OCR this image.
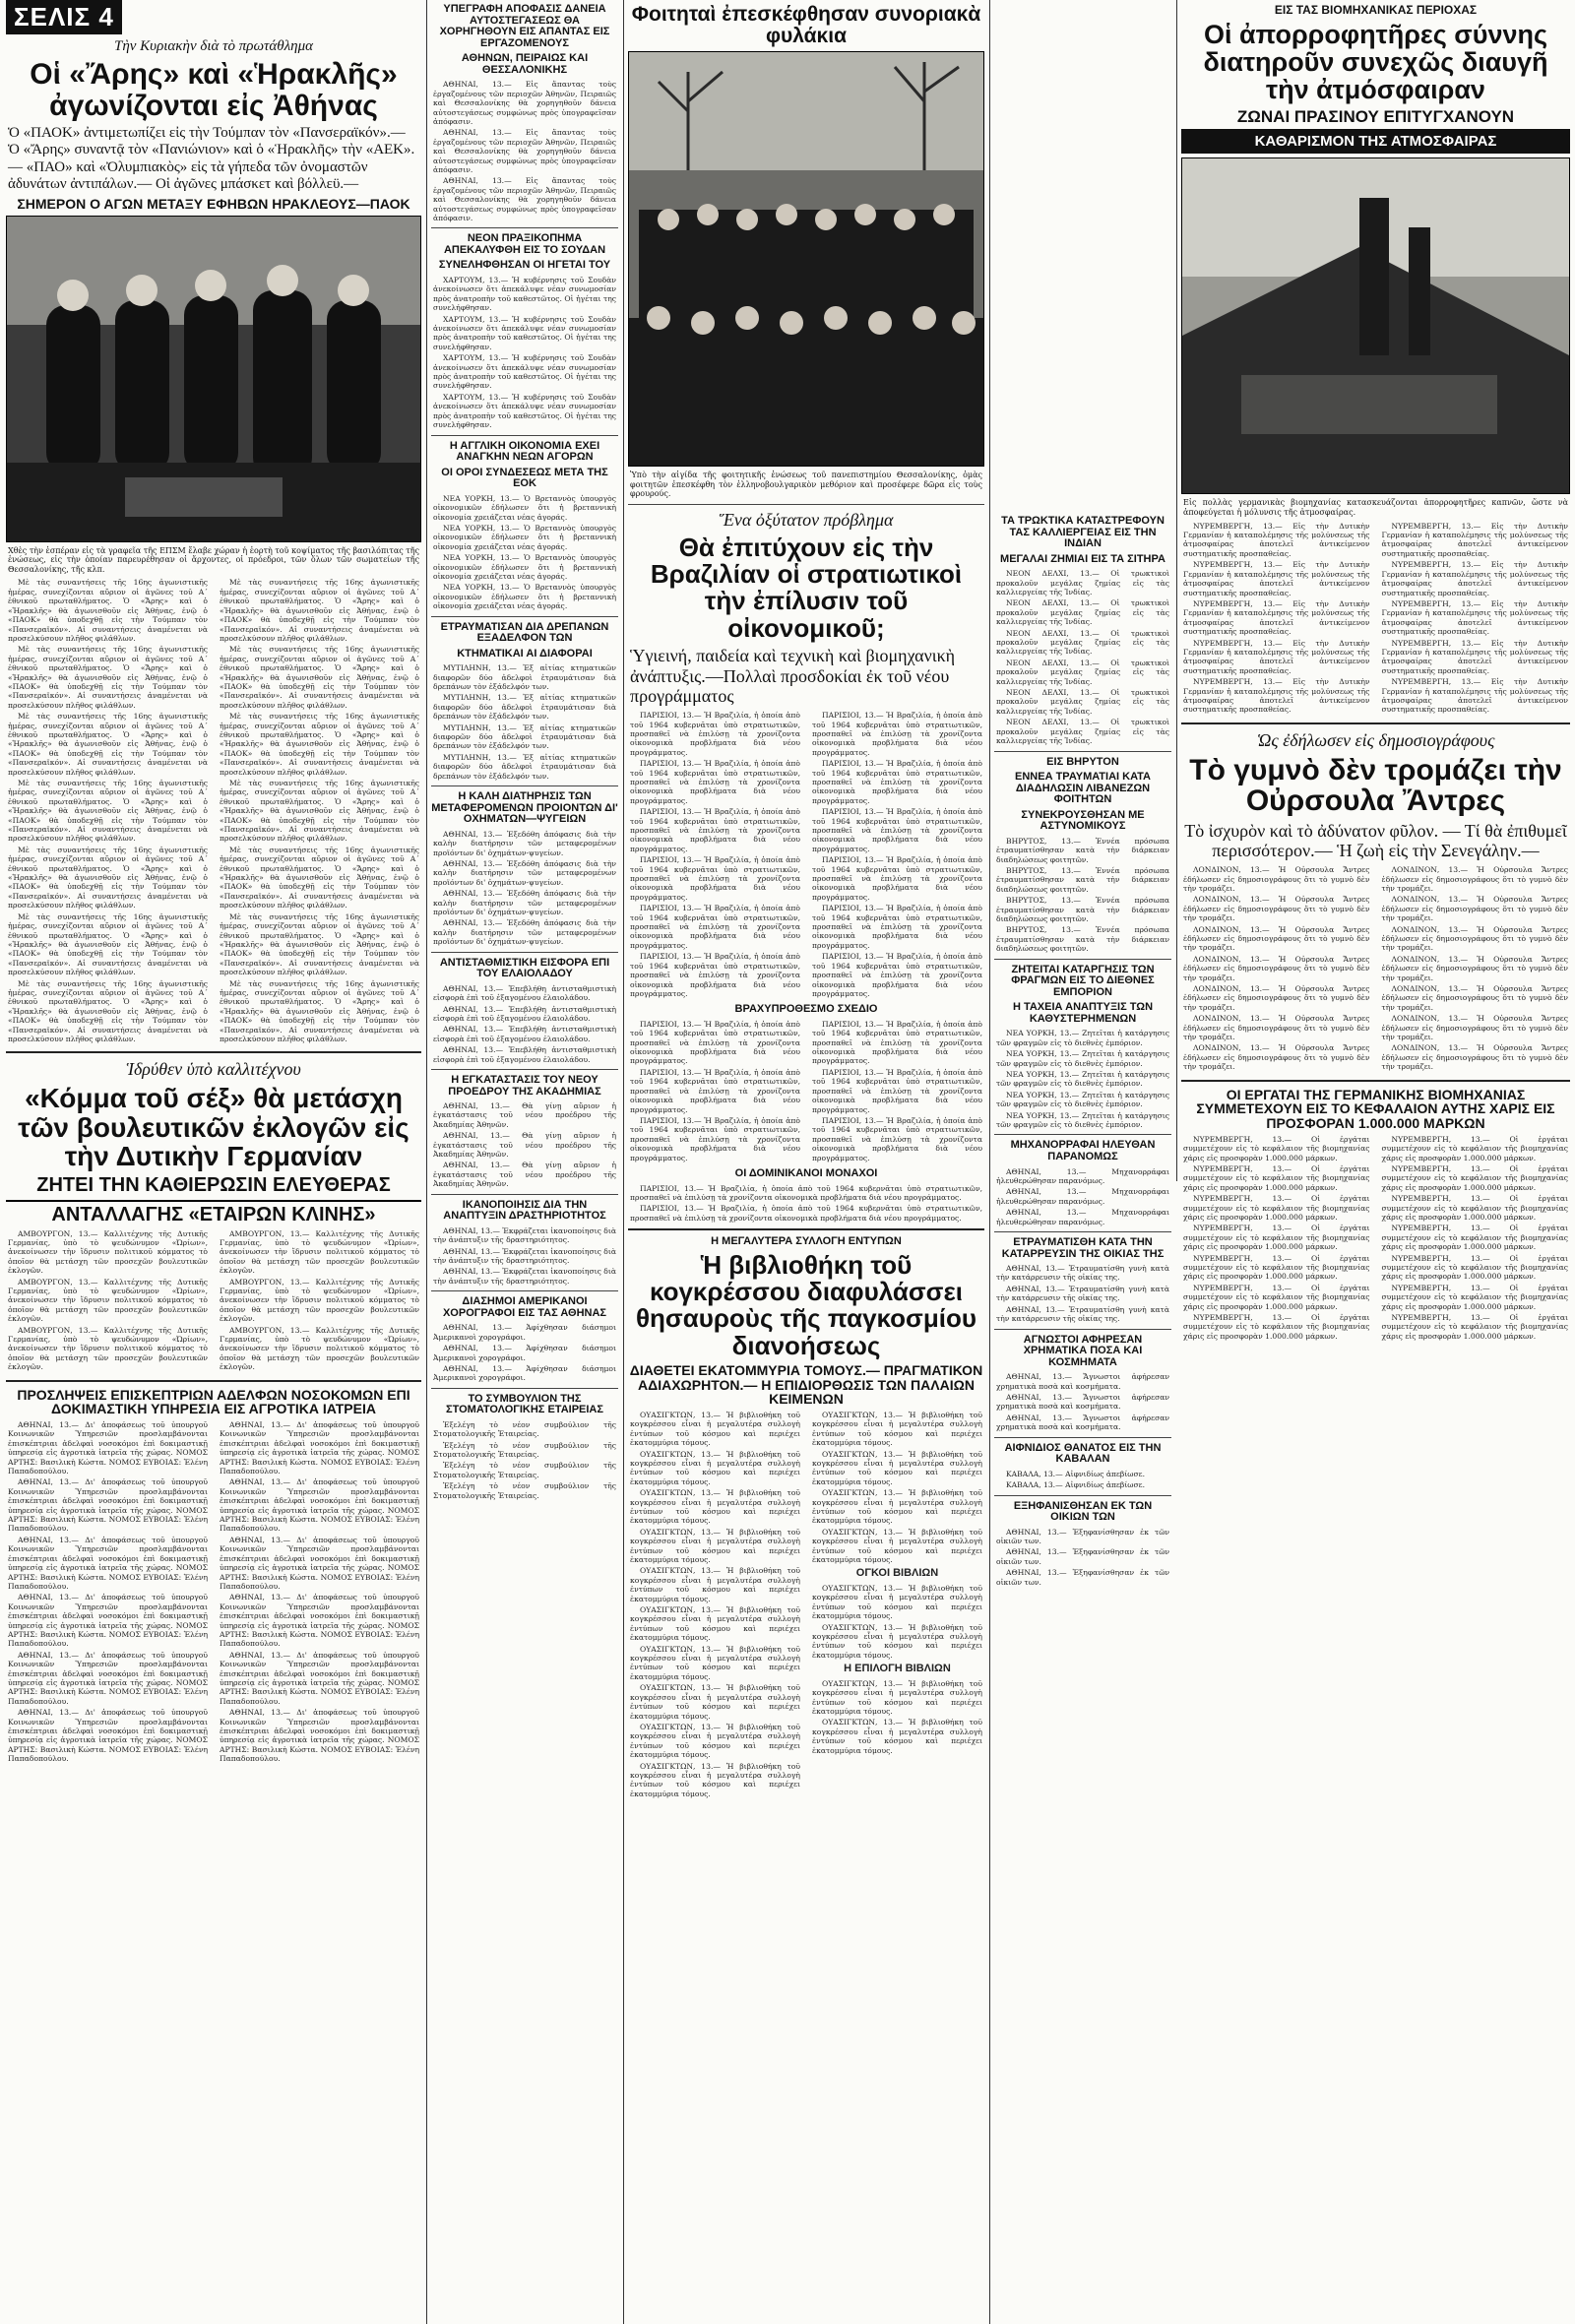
ΣΕΛΙΣ 4
Τὴν Κυριακὴν διὰ τὸ πρωτάθλημα
Οἱ «Ἄρης» καὶ «Ἡρακλῆς» ἀγωνίζονται εἰς Ἀθήνας
Ὁ «ΠΑΟΚ» ἀντιμετωπίζει εἰς τὴν Τούμπαν τὸν «Πανσεραϊκόν».— Ὁ «Ἄρης» συναντᾷ τὸν «Πανιώνιον» καὶ ὁ «Ἡρακλῆς» τὴν «ΑΕΚ».— «ΠΑΟ» καὶ «Ὀλυμπιακὸς» εἰς τὰ γήπεδα τῶν ὀνομαστῶν ἀδυνάτων ἀντιπάλων.— Οἱ ἀγῶνες μπάσκετ καὶ βόλλεϋ.—
ΣΗΜΕΡΟΝ Ο ΑΓΩΝ ΜΕΤΑΞΥ ΕΦΗΒΩΝ ΗΡΑΚΛΕΟΥΣ—ΠΑΟΚ
Χθὲς τὴν ἑσπέραν εἰς τὰ γραφεῖα τῆς ΕΠΣΜ ἔλαβε χώραν ἡ ἑορτὴ τοῦ κοψίματος τῆς βασιλόπιτας τῆς ἑνώσεως, εἰς τὴν ὁποίαν παρευρέθησαν οἱ ἄρχοντες, οἱ πρόεδροι, τῶν ὅλων τῶν σωματείων τῆς Θεσσαλονίκης, τῆς κλπ.

Μὲ τὰς συναντήσεις τῆς 16ης ἀγωνιστικῆς ἡμέρας, συνεχίζονται αὔριον οἱ ἀγῶνες τοῦ Α΄ ἐθνικοῦ πρωταθλήματος. Ὁ «Ἄρης» καὶ ὁ «Ἡρακλῆς» θὰ ἀγωνισθοῦν εἰς Ἀθήνας, ἐνῷ ὁ «ΠΑΟΚ» θὰ ὑποδεχθῇ εἰς τὴν Τούμπαν τὸν «Πανσεραϊκόν». Αἱ συναντήσεις ἀναμένεται νὰ προσελκύσουν πλῆθος φιλάθλων.

Μὲ τὰς συναντήσεις τῆς 16ης ἀγωνιστικῆς ἡμέρας, συνεχίζονται αὔριον οἱ ἀγῶνες τοῦ Α΄ ἐθνικοῦ πρωταθλήματος. Ὁ «Ἄρης» καὶ ὁ «Ἡρακλῆς» θὰ ἀγωνισθοῦν εἰς Ἀθήνας, ἐνῷ ὁ «ΠΑΟΚ» θὰ ὑποδεχθῇ εἰς τὴν Τούμπαν τὸν «Πανσεραϊκόν». Αἱ συναντήσεις ἀναμένεται νὰ προσελκύσουν πλῆθος φιλάθλων.

Μὲ τὰς συναντήσεις τῆς 16ης ἀγωνιστικῆς ἡμέρας, συνεχίζονται αὔριον οἱ ἀγῶνες τοῦ Α΄ ἐθνικοῦ πρωταθλήματος. Ὁ «Ἄρης» καὶ ὁ «Ἡρακλῆς» θὰ ἀγωνισθοῦν εἰς Ἀθήνας, ἐνῷ ὁ «ΠΑΟΚ» θὰ ὑποδεχθῇ εἰς τὴν Τούμπαν τὸν «Πανσεραϊκόν». Αἱ συναντήσεις ἀναμένεται νὰ προσελκύσουν πλῆθος φιλάθλων.

Μὲ τὰς συναντήσεις τῆς 16ης ἀγωνιστικῆς ἡμέρας, συνεχίζονται αὔριον οἱ ἀγῶνες τοῦ Α΄ ἐθνικοῦ πρωταθλήματος. Ὁ «Ἄρης» καὶ ὁ «Ἡρακλῆς» θὰ ἀγωνισθοῦν εἰς Ἀθήνας, ἐνῷ ὁ «ΠΑΟΚ» θὰ ὑποδεχθῇ εἰς τὴν Τούμπαν τὸν «Πανσεραϊκόν». Αἱ συναντήσεις ἀναμένεται νὰ προσελκύσουν πλῆθος φιλάθλων.

Μὲ τὰς συναντήσεις τῆς 16ης ἀγωνιστικῆς ἡμέρας, συνεχίζονται αὔριον οἱ ἀγῶνες τοῦ Α΄ ἐθνικοῦ πρωταθλήματος. Ὁ «Ἄρης» καὶ ὁ «Ἡρακλῆς» θὰ ἀγωνισθοῦν εἰς Ἀθήνας, ἐνῷ ὁ «ΠΑΟΚ» θὰ ὑποδεχθῇ εἰς τὴν Τούμπαν τὸν «Πανσεραϊκόν». Αἱ συναντήσεις ἀναμένεται νὰ προσελκύσουν πλῆθος φιλάθλων.

Μὲ τὰς συναντήσεις τῆς 16ης ἀγωνιστικῆς ἡμέρας, συνεχίζονται αὔριον οἱ ἀγῶνες τοῦ Α΄ ἐθνικοῦ πρωταθλήματος. Ὁ «Ἄρης» καὶ ὁ «Ἡρακλῆς» θὰ ἀγωνισθοῦν εἰς Ἀθήνας, ἐνῷ ὁ «ΠΑΟΚ» θὰ ὑποδεχθῇ εἰς τὴν Τούμπαν τὸν «Πανσεραϊκόν». Αἱ συναντήσεις ἀναμένεται νὰ προσελκύσουν πλῆθος φιλάθλων.

Μὲ τὰς συναντήσεις τῆς 16ης ἀγωνιστικῆς ἡμέρας, συνεχίζονται αὔριον οἱ ἀγῶνες τοῦ Α΄ ἐθνικοῦ πρωταθλήματος. Ὁ «Ἄρης» καὶ ὁ «Ἡρακλῆς» θὰ ἀγωνισθοῦν εἰς Ἀθήνας, ἐνῷ ὁ «ΠΑΟΚ» θὰ ὑποδεχθῇ εἰς τὴν Τούμπαν τὸν «Πανσεραϊκόν». Αἱ συναντήσεις ἀναμένεται νὰ προσελκύσουν πλῆθος φιλάθλων.

Μὲ τὰς συναντήσεις τῆς 16ης ἀγωνιστικῆς ἡμέρας, συνεχίζονται αὔριον οἱ ἀγῶνες τοῦ Α΄ ἐθνικοῦ πρωταθλήματος. Ὁ «Ἄρης» καὶ ὁ «Ἡρακλῆς» θὰ ἀγωνισθοῦν εἰς Ἀθήνας, ἐνῷ ὁ «ΠΑΟΚ» θὰ ὑποδεχθῇ εἰς τὴν Τούμπαν τὸν «Πανσεραϊκόν». Αἱ συναντήσεις ἀναμένεται νὰ προσελκύσουν πλῆθος φιλάθλων.

Μὲ τὰς συναντήσεις τῆς 16ης ἀγωνιστικῆς ἡμέρας, συνεχίζονται αὔριον οἱ ἀγῶνες τοῦ Α΄ ἐθνικοῦ πρωταθλήματος. Ὁ «Ἄρης» καὶ ὁ «Ἡρακλῆς» θὰ ἀγωνισθοῦν εἰς Ἀθήνας, ἐνῷ ὁ «ΠΑΟΚ» θὰ ὑποδεχθῇ εἰς τὴν Τούμπαν τὸν «Πανσεραϊκόν». Αἱ συναντήσεις ἀναμένεται νὰ προσελκύσουν πλῆθος φιλάθλων.

Μὲ τὰς συναντήσεις τῆς 16ης ἀγωνιστικῆς ἡμέρας, συνεχίζονται αὔριον οἱ ἀγῶνες τοῦ Α΄ ἐθνικοῦ πρωταθλήματος. Ὁ «Ἄρης» καὶ ὁ «Ἡρακλῆς» θὰ ἀγωνισθοῦν εἰς Ἀθήνας, ἐνῷ ὁ «ΠΑΟΚ» θὰ ὑποδεχθῇ εἰς τὴν Τούμπαν τὸν «Πανσεραϊκόν». Αἱ συναντήσεις ἀναμένεται νὰ προσελκύσουν πλῆθος φιλάθλων.

Μὲ τὰς συναντήσεις τῆς 16ης ἀγωνιστικῆς ἡμέρας, συνεχίζονται αὔριον οἱ ἀγῶνες τοῦ Α΄ ἐθνικοῦ πρωταθλήματος. Ὁ «Ἄρης» καὶ ὁ «Ἡρακλῆς» θὰ ἀγωνισθοῦν εἰς Ἀθήνας, ἐνῷ ὁ «ΠΑΟΚ» θὰ ὑποδεχθῇ εἰς τὴν Τούμπαν τὸν «Πανσεραϊκόν». Αἱ συναντήσεις ἀναμένεται νὰ προσελκύσουν πλῆθος φιλάθλων.

Μὲ τὰς συναντήσεις τῆς 16ης ἀγωνιστικῆς ἡμέρας, συνεχίζονται αὔριον οἱ ἀγῶνες τοῦ Α΄ ἐθνικοῦ πρωταθλήματος. Ὁ «Ἄρης» καὶ ὁ «Ἡρακλῆς» θὰ ἀγωνισθοῦν εἰς Ἀθήνας, ἐνῷ ὁ «ΠΑΟΚ» θὰ ὑποδεχθῇ εἰς τὴν Τούμπαν τὸν «Πανσεραϊκόν». Αἱ συναντήσεις ἀναμένεται νὰ προσελκύσουν πλῆθος φιλάθλων.

Μὲ τὰς συναντήσεις τῆς 16ης ἀγωνιστικῆς ἡμέρας, συνεχίζονται αὔριον οἱ ἀγῶνες τοῦ Α΄ ἐθνικοῦ πρωταθλήματος. Ὁ «Ἄρης» καὶ ὁ «Ἡρακλῆς» θὰ ἀγωνισθοῦν εἰς Ἀθήνας, ἐνῷ ὁ «ΠΑΟΚ» θὰ ὑποδεχθῇ εἰς τὴν Τούμπαν τὸν «Πανσεραϊκόν». Αἱ συναντήσεις ἀναμένεται νὰ προσελκύσουν πλῆθος φιλάθλων.

Μὲ τὰς συναντήσεις τῆς 16ης ἀγωνιστικῆς ἡμέρας, συνεχίζονται αὔριον οἱ ἀγῶνες τοῦ Α΄ ἐθνικοῦ πρωταθλήματος. Ὁ «Ἄρης» καὶ ὁ «Ἡρακλῆς» θὰ ἀγωνισθοῦν εἰς Ἀθήνας, ἐνῷ ὁ «ΠΑΟΚ» θὰ ὑποδεχθῇ εἰς τὴν Τούμπαν τὸν «Πανσεραϊκόν». Αἱ συναντήσεις ἀναμένεται νὰ προσελκύσουν πλῆθος φιλάθλων.

Ἱδρύθεν ὑπὸ καλλιτέχνου
«Κόμμα τοῦ σέξ» θὰ μετάσχη τῶν βουλευτικῶν ἐκλογῶν εἰς τὴν Δυτικὴν Γερμανίαν
ΖΗΤΕΙ ΤΗΝ ΚΑΘΙΕΡΩΣΙΝ ΕΛΕΥΘΕΡΑΣ
ΑΝΤΑΛΛΑΓΗΣ «ΕΤΑΙΡΩΝ ΚΛΙΝΗΣ»

ΑΜΒΟΥΡΓΟΝ, 13.— Καλλιτέχνης τῆς Δυτικῆς Γερμανίας, ὑπὸ τὸ ψευδώνυμον «Ὠρίων», ἀνεκοίνωσεν τὴν ἵδρυσιν πολιτικοῦ κόμματος τὸ ὁποῖον θὰ μετάσχη τῶν προσεχῶν βουλευτικῶν ἐκλογῶν.

ΑΜΒΟΥΡΓΟΝ, 13.— Καλλιτέχνης τῆς Δυτικῆς Γερμανίας, ὑπὸ τὸ ψευδώνυμον «Ὠρίων», ἀνεκοίνωσεν τὴν ἵδρυσιν πολιτικοῦ κόμματος τὸ ὁποῖον θὰ μετάσχη τῶν προσεχῶν βουλευτικῶν ἐκλογῶν.

ΑΜΒΟΥΡΓΟΝ, 13.— Καλλιτέχνης τῆς Δυτικῆς Γερμανίας, ὑπὸ τὸ ψευδώνυμον «Ὠρίων», ἀνεκοίνωσεν τὴν ἵδρυσιν πολιτικοῦ κόμματος τὸ ὁποῖον θὰ μετάσχη τῶν προσεχῶν βουλευτικῶν ἐκλογῶν.

ΑΜΒΟΥΡΓΟΝ, 13.— Καλλιτέχνης τῆς Δυτικῆς Γερμανίας, ὑπὸ τὸ ψευδώνυμον «Ὠρίων», ἀνεκοίνωσεν τὴν ἵδρυσιν πολιτικοῦ κόμματος τὸ ὁποῖον θὰ μετάσχη τῶν προσεχῶν βουλευτικῶν ἐκλογῶν.

ΑΜΒΟΥΡΓΟΝ, 13.— Καλλιτέχνης τῆς Δυτικῆς Γερμανίας, ὑπὸ τὸ ψευδώνυμον «Ὠρίων», ἀνεκοίνωσεν τὴν ἵδρυσιν πολιτικοῦ κόμματος τὸ ὁποῖον θὰ μετάσχη τῶν προσεχῶν βουλευτικῶν ἐκλογῶν.

ΑΜΒΟΥΡΓΟΝ, 13.— Καλλιτέχνης τῆς Δυτικῆς Γερμανίας, ὑπὸ τὸ ψευδώνυμον «Ὠρίων», ἀνεκοίνωσεν τὴν ἵδρυσιν πολιτικοῦ κόμματος τὸ ὁποῖον θὰ μετάσχη τῶν προσεχῶν βουλευτικῶν ἐκλογῶν.

ΠΡΟΣΛΗΨΕΙΣ ΕΠΙΣΚΕΠΤΡΙΩΝ ΑΔΕΛΦΩΝ ΝΟΣΟΚΟΜΩΝ ΕΠΙ ΔΟΚΙΜΑΣΤΙΚΗ ΥΠΗΡΕΣΙΑ ΕΙΣ ΑΓΡΟΤΙΚΑ ΙΑΤΡΕΙΑ

ΑΘΗΝΑΙ, 13.— Δι' ἀποφάσεως τοῦ ὑπουργοῦ Κοινωνικῶν Ὑπηρεσιῶν προσλαμβάνονται ἐπισκέπτριαι ἀδελφαὶ νοσοκόμοι ἐπὶ δοκιμαστικῇ ὑπηρεσίᾳ εἰς ἀγροτικὰ ἰατρεῖα τῆς χώρας. ΝΟΜΟΣ ΑΡΤΗΣ: Βασιλικὴ Κώστα. ΝΟΜΟΣ ΕΥΒΟΙΑΣ: Ἑλένη Παπαδοπούλου.

ΑΘΗΝΑΙ, 13.— Δι' ἀποφάσεως τοῦ ὑπουργοῦ Κοινωνικῶν Ὑπηρεσιῶν προσλαμβάνονται ἐπισκέπτριαι ἀδελφαὶ νοσοκόμοι ἐπὶ δοκιμαστικῇ ὑπηρεσίᾳ εἰς ἀγροτικὰ ἰατρεῖα τῆς χώρας. ΝΟΜΟΣ ΑΡΤΗΣ: Βασιλικὴ Κώστα. ΝΟΜΟΣ ΕΥΒΟΙΑΣ: Ἑλένη Παπαδοπούλου.

ΑΘΗΝΑΙ, 13.— Δι' ἀποφάσεως τοῦ ὑπουργοῦ Κοινωνικῶν Ὑπηρεσιῶν προσλαμβάνονται ἐπισκέπτριαι ἀδελφαὶ νοσοκόμοι ἐπὶ δοκιμαστικῇ ὑπηρεσίᾳ εἰς ἀγροτικὰ ἰατρεῖα τῆς χώρας. ΝΟΜΟΣ ΑΡΤΗΣ: Βασιλικὴ Κώστα. ΝΟΜΟΣ ΕΥΒΟΙΑΣ: Ἑλένη Παπαδοπούλου.

ΑΘΗΝΑΙ, 13.— Δι' ἀποφάσεως τοῦ ὑπουργοῦ Κοινωνικῶν Ὑπηρεσιῶν προσλαμβάνονται ἐπισκέπτριαι ἀδελφαὶ νοσοκόμοι ἐπὶ δοκιμαστικῇ ὑπηρεσίᾳ εἰς ἀγροτικὰ ἰατρεῖα τῆς χώρας. ΝΟΜΟΣ ΑΡΤΗΣ: Βασιλικὴ Κώστα. ΝΟΜΟΣ ΕΥΒΟΙΑΣ: Ἑλένη Παπαδοπούλου.

ΑΘΗΝΑΙ, 13.— Δι' ἀποφάσεως τοῦ ὑπουργοῦ Κοινωνικῶν Ὑπηρεσιῶν προσλαμβάνονται ἐπισκέπτριαι ἀδελφαὶ νοσοκόμοι ἐπὶ δοκιμαστικῇ ὑπηρεσίᾳ εἰς ἀγροτικὰ ἰατρεῖα τῆς χώρας. ΝΟΜΟΣ ΑΡΤΗΣ: Βασιλικὴ Κώστα. ΝΟΜΟΣ ΕΥΒΟΙΑΣ: Ἑλένη Παπαδοπούλου.

ΑΘΗΝΑΙ, 13.— Δι' ἀποφάσεως τοῦ ὑπουργοῦ Κοινωνικῶν Ὑπηρεσιῶν προσλαμβάνονται ἐπισκέπτριαι ἀδελφαὶ νοσοκόμοι ἐπὶ δοκιμαστικῇ ὑπηρεσίᾳ εἰς ἀγροτικὰ ἰατρεῖα τῆς χώρας. ΝΟΜΟΣ ΑΡΤΗΣ: Βασιλικὴ Κώστα. ΝΟΜΟΣ ΕΥΒΟΙΑΣ: Ἑλένη Παπαδοπούλου.

ΑΘΗΝΑΙ, 13.— Δι' ἀποφάσεως τοῦ ὑπουργοῦ Κοινωνικῶν Ὑπηρεσιῶν προσλαμβάνονται ἐπισκέπτριαι ἀδελφαὶ νοσοκόμοι ἐπὶ δοκιμαστικῇ ὑπηρεσίᾳ εἰς ἀγροτικὰ ἰατρεῖα τῆς χώρας. ΝΟΜΟΣ ΑΡΤΗΣ: Βασιλικὴ Κώστα. ΝΟΜΟΣ ΕΥΒΟΙΑΣ: Ἑλένη Παπαδοπούλου.

ΑΘΗΝΑΙ, 13.— Δι' ἀποφάσεως τοῦ ὑπουργοῦ Κοινωνικῶν Ὑπηρεσιῶν προσλαμβάνονται ἐπισκέπτριαι ἀδελφαὶ νοσοκόμοι ἐπὶ δοκιμαστικῇ ὑπηρεσίᾳ εἰς ἀγροτικὰ ἰατρεῖα τῆς χώρας. ΝΟΜΟΣ ΑΡΤΗΣ: Βασιλικὴ Κώστα. ΝΟΜΟΣ ΕΥΒΟΙΑΣ: Ἑλένη Παπαδοπούλου.

ΑΘΗΝΑΙ, 13.— Δι' ἀποφάσεως τοῦ ὑπουργοῦ Κοινωνικῶν Ὑπηρεσιῶν προσλαμβάνονται ἐπισκέπτριαι ἀδελφαὶ νοσοκόμοι ἐπὶ δοκιμαστικῇ ὑπηρεσίᾳ εἰς ἀγροτικὰ ἰατρεῖα τῆς χώρας. ΝΟΜΟΣ ΑΡΤΗΣ: Βασιλικὴ Κώστα. ΝΟΜΟΣ ΕΥΒΟΙΑΣ: Ἑλένη Παπαδοπούλου.

ΑΘΗΝΑΙ, 13.— Δι' ἀποφάσεως τοῦ ὑπουργοῦ Κοινωνικῶν Ὑπηρεσιῶν προσλαμβάνονται ἐπισκέπτριαι ἀδελφαὶ νοσοκόμοι ἐπὶ δοκιμαστικῇ ὑπηρεσίᾳ εἰς ἀγροτικὰ ἰατρεῖα τῆς χώρας. ΝΟΜΟΣ ΑΡΤΗΣ: Βασιλικὴ Κώστα. ΝΟΜΟΣ ΕΥΒΟΙΑΣ: Ἑλένη Παπαδοπούλου.

ΑΘΗΝΑΙ, 13.— Δι' ἀποφάσεως τοῦ ὑπουργοῦ Κοινωνικῶν Ὑπηρεσιῶν προσλαμβάνονται ἐπισκέπτριαι ἀδελφαὶ νοσοκόμοι ἐπὶ δοκιμαστικῇ ὑπηρεσίᾳ εἰς ἀγροτικὰ ἰατρεῖα τῆς χώρας. ΝΟΜΟΣ ΑΡΤΗΣ: Βασιλικὴ Κώστα. ΝΟΜΟΣ ΕΥΒΟΙΑΣ: Ἑλένη Παπαδοπούλου.

ΑΘΗΝΑΙ, 13.— Δι' ἀποφάσεως τοῦ ὑπουργοῦ Κοινωνικῶν Ὑπηρεσιῶν προσλαμβάνονται ἐπισκέπτριαι ἀδελφαὶ νοσοκόμοι ἐπὶ δοκιμαστικῇ ὑπηρεσίᾳ εἰς ἀγροτικὰ ἰατρεῖα τῆς χώρας. ΝΟΜΟΣ ΑΡΤΗΣ: Βασιλικὴ Κώστα. ΝΟΜΟΣ ΕΥΒΟΙΑΣ: Ἑλένη Παπαδοπούλου.

ΥΠΕΓΡΑΦΗ ΑΠΟΦΑΣΙΣ ΔΑΝΕΙΑ ΑΥΤΟΣΤΕΓΑΣΕΩΣ ΘΑ ΧΟΡΗΓΗΘΟΥΝ ΕΙΣ ΑΠΑΝΤΑΣ ΕΙΣ ΕΡΓΑΖΟΜΕΝΟΥΣ
ΑΘΗΝΩΝ, ΠΕΙΡΑΙΩΣ ΚΑΙ ΘΕΣΣΑΛΟΝΙΚΗΣ

ΑΘΗΝΑΙ, 13.— Εἰς ἅπαντας τοὺς ἐργαζομένους τῶν περιοχῶν Ἀθηνῶν, Πειραιῶς καὶ Θεσσαλονίκης θὰ χορηγηθοῦν δάνεια αὐτοστεγάσεως συμφώνως πρὸς ὑπογραφεῖσαν ἀπόφασιν.

ΑΘΗΝΑΙ, 13.— Εἰς ἅπαντας τοὺς ἐργαζομένους τῶν περιοχῶν Ἀθηνῶν, Πειραιῶς καὶ Θεσσαλονίκης θὰ χορηγηθοῦν δάνεια αὐτοστεγάσεως συμφώνως πρὸς ὑπογραφεῖσαν ἀπόφασιν.

ΑΘΗΝΑΙ, 13.— Εἰς ἅπαντας τοὺς ἐργαζομένους τῶν περιοχῶν Ἀθηνῶν, Πειραιῶς καὶ Θεσσαλονίκης θὰ χορηγηθοῦν δάνεια αὐτοστεγάσεως συμφώνως πρὸς ὑπογραφεῖσαν ἀπόφασιν.

ΝΕΟΝ ΠΡΑΞΙΚΟΠΗΜΑ ΑΠΕΚΑΛΥΦΘΗ ΕΙΣ ΤΟ ΣΟΥΔΑΝ
ΣΥΝΕΛΗΦΘΗΣΑΝ ΟΙ ΗΓΕΤΑΙ ΤΟΥ

ΧΑΡΤΟΥΜ, 13.— Ἡ κυβέρνησις τοῦ Σουδὰν ἀνεκοίνωσεν ὅτι ἀπεκάλυψε νέαν συνωμοσίαν πρὸς ἀνατροπὴν τοῦ καθεστῶτος. Οἱ ἡγέται της συνελήφθησαν.

ΧΑΡΤΟΥΜ, 13.— Ἡ κυβέρνησις τοῦ Σουδὰν ἀνεκοίνωσεν ὅτι ἀπεκάλυψε νέαν συνωμοσίαν πρὸς ἀνατροπὴν τοῦ καθεστῶτος. Οἱ ἡγέται της συνελήφθησαν.

ΧΑΡΤΟΥΜ, 13.— Ἡ κυβέρνησις τοῦ Σουδὰν ἀνεκοίνωσεν ὅτι ἀπεκάλυψε νέαν συνωμοσίαν πρὸς ἀνατροπὴν τοῦ καθεστῶτος. Οἱ ἡγέται της συνελήφθησαν.

ΧΑΡΤΟΥΜ, 13.— Ἡ κυβέρνησις τοῦ Σουδὰν ἀνεκοίνωσεν ὅτι ἀπεκάλυψε νέαν συνωμοσίαν πρὸς ἀνατροπὴν τοῦ καθεστῶτος. Οἱ ἡγέται της συνελήφθησαν.

Η ΑΓΓΛΙΚΗ ΟΙΚΟΝΟΜΙΑ ΕΧΕΙ ΑΝΑΓΚΗΝ ΝΕΩΝ ΑΓΟΡΩΝ
ΟΙ ΟΡΟΙ ΣΥΝΔΕΣΕΩΣ ΜΕΤΑ ΤΗΣ ΕΟΚ

ΝΕΑ ΥΟΡΚΗ, 13.— Ὁ Βρεταννὸς ὑπουργὸς οἰκονομικῶν ἐδήλωσεν ὅτι ἡ βρεταννικὴ οἰκονομία χρειάζεται νέας ἀγοράς.

ΝΕΑ ΥΟΡΚΗ, 13.— Ὁ Βρεταννὸς ὑπουργὸς οἰκονομικῶν ἐδήλωσεν ὅτι ἡ βρεταννικὴ οἰκονομία χρειάζεται νέας ἀγοράς.

ΝΕΑ ΥΟΡΚΗ, 13.— Ὁ Βρεταννὸς ὑπουργὸς οἰκονομικῶν ἐδήλωσεν ὅτι ἡ βρεταννικὴ οἰκονομία χρειάζεται νέας ἀγοράς.

ΝΕΑ ΥΟΡΚΗ, 13.— Ὁ Βρεταννὸς ὑπουργὸς οἰκονομικῶν ἐδήλωσεν ὅτι ἡ βρεταννικὴ οἰκονομία χρειάζεται νέας ἀγοράς.

ΕΤΡΑΥΜΑΤΙΣΑΝ ΔΙΑ ΔΡΕΠΑΝΩΝ ΕΞΑΔΕΛΦΟΝ ΤΩΝ
ΚΤΗΜΑΤΙΚΑΙ ΑΙ ΔΙΑΦΟΡΑΙ

ΜΥΤΙΛΗΝΗ, 13.— Ἐξ αἰτίας κτηματικῶν διαφορῶν δύο ἀδελφοὶ ἐτραυμάτισαν διὰ δρεπάνων τὸν ἐξάδελφόν των.

ΜΥΤΙΛΗΝΗ, 13.— Ἐξ αἰτίας κτηματικῶν διαφορῶν δύο ἀδελφοὶ ἐτραυμάτισαν διὰ δρεπάνων τὸν ἐξάδελφόν των.

ΜΥΤΙΛΗΝΗ, 13.— Ἐξ αἰτίας κτηματικῶν διαφορῶν δύο ἀδελφοὶ ἐτραυμάτισαν διὰ δρεπάνων τὸν ἐξάδελφόν των.

ΜΥΤΙΛΗΝΗ, 13.— Ἐξ αἰτίας κτηματικῶν διαφορῶν δύο ἀδελφοὶ ἐτραυμάτισαν διὰ δρεπάνων τὸν ἐξάδελφόν των.

Η ΚΑΛΗ ΔΙΑΤΗΡΗΣΙΣ ΤΩΝ ΜΕΤΑΦΕΡΟΜΕΝΩΝ ΠΡΟΙΟΝΤΩΝ ΔΙ' ΟΧΗΜΑΤΩΝ—ΨΥΓΕΙΩΝ

ΑΘΗΝΑΙ, 13.— Ἐξεδόθη ἀπόφασις διὰ τὴν καλὴν διατήρησιν τῶν μεταφερομένων προϊόντων δι' ὀχημάτων-ψυγείων.

ΑΘΗΝΑΙ, 13.— Ἐξεδόθη ἀπόφασις διὰ τὴν καλὴν διατήρησιν τῶν μεταφερομένων προϊόντων δι' ὀχημάτων-ψυγείων.

ΑΘΗΝΑΙ, 13.— Ἐξεδόθη ἀπόφασις διὰ τὴν καλὴν διατήρησιν τῶν μεταφερομένων προϊόντων δι' ὀχημάτων-ψυγείων.

ΑΘΗΝΑΙ, 13.— Ἐξεδόθη ἀπόφασις διὰ τὴν καλὴν διατήρησιν τῶν μεταφερομένων προϊόντων δι' ὀχημάτων-ψυγείων.

ΑΝΤΙΣΤΑΘΜΙΣΤΙΚΗ ΕΙΣΦΟΡΑ ΕΠΙ ΤΟΥ ΕΛΑΙΟΛΑΔΟΥ

ΑΘΗΝΑΙ, 13.— Ἐπεβλήθη ἀντισταθμιστικὴ εἰσφορὰ ἐπὶ τοῦ ἐξαγομένου ἐλαιολάδου.

ΑΘΗΝΑΙ, 13.— Ἐπεβλήθη ἀντισταθμιστικὴ εἰσφορὰ ἐπὶ τοῦ ἐξαγομένου ἐλαιολάδου.

ΑΘΗΝΑΙ, 13.— Ἐπεβλήθη ἀντισταθμιστικὴ εἰσφορὰ ἐπὶ τοῦ ἐξαγομένου ἐλαιολάδου.

ΑΘΗΝΑΙ, 13.— Ἐπεβλήθη ἀντισταθμιστικὴ εἰσφορὰ ἐπὶ τοῦ ἐξαγομένου ἐλαιολάδου.

Η ΕΓΚΑΤΑΣΤΑΣΙΣ ΤΟΥ ΝΕΟΥ ΠΡΟΕΔΡΟΥ ΤΗΣ ΑΚΑΔΗΜΙΑΣ

ΑΘΗΝΑΙ, 13.— Θὰ γίνῃ αὔριον ἡ ἐγκατάστασις τοῦ νέου προέδρου τῆς Ἀκαδημίας Ἀθηνῶν.

ΑΘΗΝΑΙ, 13.— Θὰ γίνῃ αὔριον ἡ ἐγκατάστασις τοῦ νέου προέδρου τῆς Ἀκαδημίας Ἀθηνῶν.

ΑΘΗΝΑΙ, 13.— Θὰ γίνῃ αὔριον ἡ ἐγκατάστασις τοῦ νέου προέδρου τῆς Ἀκαδημίας Ἀθηνῶν.

ΙΚΑΝΟΠΟΙΗΣΙΣ ΔΙΑ ΤΗΝ ΑΝΑΠΤΥΞΙΝ ΔΡΑΣΤΗΡΙΟΤΗΤΟΣ

ΑΘΗΝΑΙ, 13.— Ἐκφράζεται ἱκανοποίησις διὰ τὴν ἀνάπτυξιν τῆς δραστηριότητος.

ΑΘΗΝΑΙ, 13.— Ἐκφράζεται ἱκανοποίησις διὰ τὴν ἀνάπτυξιν τῆς δραστηριότητος.

ΑΘΗΝΑΙ, 13.— Ἐκφράζεται ἱκανοποίησις διὰ τὴν ἀνάπτυξιν τῆς δραστηριότητος.

ΔΙΑΣΗΜΟΙ ΑΜΕΡΙΚΑΝΟΙ ΧΟΡΟΓΡΑΦΟΙ ΕΙΣ ΤΑΣ ΑΘΗΝΑΣ

ΑΘΗΝΑΙ, 13.— Ἀφίχθησαν διάσημοι Ἀμερικανοὶ χορογράφοι.

ΑΘΗΝΑΙ, 13.— Ἀφίχθησαν διάσημοι Ἀμερικανοὶ χορογράφοι.

ΑΘΗΝΑΙ, 13.— Ἀφίχθησαν διάσημοι Ἀμερικανοὶ χορογράφοι.

ΤΟ ΣΥΜΒΟΥΛΙΟΝ ΤΗΣ ΣΤΟΜΑΤΟΛΟΓΙΚΗΣ ΕΤΑΙΡΕΙΑΣ

Ἐξελέγη τὸ νέον συμβούλιον τῆς Στοματολογικῆς Ἑταιρείας.

Ἐξελέγη τὸ νέον συμβούλιον τῆς Στοματολογικῆς Ἑταιρείας.

Ἐξελέγη τὸ νέον συμβούλιον τῆς Στοματολογικῆς Ἑταιρείας.

Ἐξελέγη τὸ νέον συμβούλιον τῆς Στοματολογικῆς Ἑταιρείας.

Φοιτηταὶ ἐπεσκέφθησαν συνοριακὰ φυλάκια
Ὑπὸ τὴν αἰγίδα τῆς φοιτητικῆς ἑνώσεως τοῦ πανεπιστημίου Θεσσαλονίκης, ὁμὰς φοιτητῶν ἐπεσκέφθη τὸν ἑλληνοβουλγαρικὸν μεθόριον καὶ προσέφερε δῶρα εἰς τοὺς φρουρούς.
Ἕνα ὀξύτατον πρόβλημα
Θὰ ἐπιτύχουν εἰς τὴν Βραζιλίαν οἱ στρατιωτικοὶ τὴν ἐπίλυσιν τοῦ οἰκονομικοῦ;
Ὑγιεινή, παιδεία καὶ τεχνικὴ καὶ βιομηχανικὴ ἀνάπτυξις.—Πολλαὶ προσδοκίαι ἐκ τοῦ νέου προγράμματος

ΠΑΡΙΣΙΟΙ, 13.— Ἡ Βραζιλία, ἡ ὁποία ἀπὸ τοῦ 1964 κυβερνᾶται ὑπὸ στρατιωτικῶν, προσπαθεῖ νὰ ἐπιλύσῃ τὰ χρονίζοντα οἰκονομικὰ προβλήματα διὰ νέου προγράμματος.

ΠΑΡΙΣΙΟΙ, 13.— Ἡ Βραζιλία, ἡ ὁποία ἀπὸ τοῦ 1964 κυβερνᾶται ὑπὸ στρατιωτικῶν, προσπαθεῖ νὰ ἐπιλύσῃ τὰ χρονίζοντα οἰκονομικὰ προβλήματα διὰ νέου προγράμματος.

ΠΑΡΙΣΙΟΙ, 13.— Ἡ Βραζιλία, ἡ ὁποία ἀπὸ τοῦ 1964 κυβερνᾶται ὑπὸ στρατιωτικῶν, προσπαθεῖ νὰ ἐπιλύσῃ τὰ χρονίζοντα οἰκονομικὰ προβλήματα διὰ νέου προγράμματος.

ΠΑΡΙΣΙΟΙ, 13.— Ἡ Βραζιλία, ἡ ὁποία ἀπὸ τοῦ 1964 κυβερνᾶται ὑπὸ στρατιωτικῶν, προσπαθεῖ νὰ ἐπιλύσῃ τὰ χρονίζοντα οἰκονομικὰ προβλήματα διὰ νέου προγράμματος.

ΠΑΡΙΣΙΟΙ, 13.— Ἡ Βραζιλία, ἡ ὁποία ἀπὸ τοῦ 1964 κυβερνᾶται ὑπὸ στρατιωτικῶν, προσπαθεῖ νὰ ἐπιλύσῃ τὰ χρονίζοντα οἰκονομικὰ προβλήματα διὰ νέου προγράμματος.

ΠΑΡΙΣΙΟΙ, 13.— Ἡ Βραζιλία, ἡ ὁποία ἀπὸ τοῦ 1964 κυβερνᾶται ὑπὸ στρατιωτικῶν, προσπαθεῖ νὰ ἐπιλύσῃ τὰ χρονίζοντα οἰκονομικὰ προβλήματα διὰ νέου προγράμματος.

ΠΑΡΙΣΙΟΙ, 13.— Ἡ Βραζιλία, ἡ ὁποία ἀπὸ τοῦ 1964 κυβερνᾶται ὑπὸ στρατιωτικῶν, προσπαθεῖ νὰ ἐπιλύσῃ τὰ χρονίζοντα οἰκονομικὰ προβλήματα διὰ νέου προγράμματος.

ΠΑΡΙΣΙΟΙ, 13.— Ἡ Βραζιλία, ἡ ὁποία ἀπὸ τοῦ 1964 κυβερνᾶται ὑπὸ στρατιωτικῶν, προσπαθεῖ νὰ ἐπιλύσῃ τὰ χρονίζοντα οἰκονομικὰ προβλήματα διὰ νέου προγράμματος.

ΠΑΡΙΣΙΟΙ, 13.— Ἡ Βραζιλία, ἡ ὁποία ἀπὸ τοῦ 1964 κυβερνᾶται ὑπὸ στρατιωτικῶν, προσπαθεῖ νὰ ἐπιλύσῃ τὰ χρονίζοντα οἰκονομικὰ προβλήματα διὰ νέου προγράμματος.

ΠΑΡΙΣΙΟΙ, 13.— Ἡ Βραζιλία, ἡ ὁποία ἀπὸ τοῦ 1964 κυβερνᾶται ὑπὸ στρατιωτικῶν, προσπαθεῖ νὰ ἐπιλύσῃ τὰ χρονίζοντα οἰκονομικὰ προβλήματα διὰ νέου προγράμματος.

ΠΑΡΙΣΙΟΙ, 13.— Ἡ Βραζιλία, ἡ ὁποία ἀπὸ τοῦ 1964 κυβερνᾶται ὑπὸ στρατιωτικῶν, προσπαθεῖ νὰ ἐπιλύσῃ τὰ χρονίζοντα οἰκονομικὰ προβλήματα διὰ νέου προγράμματος.

ΠΑΡΙΣΙΟΙ, 13.— Ἡ Βραζιλία, ἡ ὁποία ἀπὸ τοῦ 1964 κυβερνᾶται ὑπὸ στρατιωτικῶν, προσπαθεῖ νὰ ἐπιλύσῃ τὰ χρονίζοντα οἰκονομικὰ προβλήματα διὰ νέου προγράμματος.

ΒΡΑΧΥΠΡΟΘΕΣΜΟ ΣΧΕΔΙΟ

ΠΑΡΙΣΙΟΙ, 13.— Ἡ Βραζιλία, ἡ ὁποία ἀπὸ τοῦ 1964 κυβερνᾶται ὑπὸ στρατιωτικῶν, προσπαθεῖ νὰ ἐπιλύσῃ τὰ χρονίζοντα οἰκονομικὰ προβλήματα διὰ νέου προγράμματος.

ΠΑΡΙΣΙΟΙ, 13.— Ἡ Βραζιλία, ἡ ὁποία ἀπὸ τοῦ 1964 κυβερνᾶται ὑπὸ στρατιωτικῶν, προσπαθεῖ νὰ ἐπιλύσῃ τὰ χρονίζοντα οἰκονομικὰ προβλήματα διὰ νέου προγράμματος.

ΠΑΡΙΣΙΟΙ, 13.— Ἡ Βραζιλία, ἡ ὁποία ἀπὸ τοῦ 1964 κυβερνᾶται ὑπὸ στρατιωτικῶν, προσπαθεῖ νὰ ἐπιλύσῃ τὰ χρονίζοντα οἰκονομικὰ προβλήματα διὰ νέου προγράμματος.

ΠΑΡΙΣΙΟΙ, 13.— Ἡ Βραζιλία, ἡ ὁποία ἀπὸ τοῦ 1964 κυβερνᾶται ὑπὸ στρατιωτικῶν, προσπαθεῖ νὰ ἐπιλύσῃ τὰ χρονίζοντα οἰκονομικὰ προβλήματα διὰ νέου προγράμματος.

ΠΑΡΙΣΙΟΙ, 13.— Ἡ Βραζιλία, ἡ ὁποία ἀπὸ τοῦ 1964 κυβερνᾶται ὑπὸ στρατιωτικῶν, προσπαθεῖ νὰ ἐπιλύσῃ τὰ χρονίζοντα οἰκονομικὰ προβλήματα διὰ νέου προγράμματος.

ΠΑΡΙΣΙΟΙ, 13.— Ἡ Βραζιλία, ἡ ὁποία ἀπὸ τοῦ 1964 κυβερνᾶται ὑπὸ στρατιωτικῶν, προσπαθεῖ νὰ ἐπιλύσῃ τὰ χρονίζοντα οἰκονομικὰ προβλήματα διὰ νέου προγράμματος.

ΟΙ ΔΟΜΙΝΙΚΑΝΟΙ ΜΟΝΑΧΟΙ

ΠΑΡΙΣΙΟΙ, 13.— Ἡ Βραζιλία, ἡ ὁποία ἀπὸ τοῦ 1964 κυβερνᾶται ὑπὸ στρατιωτικῶν, προσπαθεῖ νὰ ἐπιλύσῃ τὰ χρονίζοντα οἰκονομικὰ προβλήματα διὰ νέου προγράμματος.

ΠΑΡΙΣΙΟΙ, 13.— Ἡ Βραζιλία, ἡ ὁποία ἀπὸ τοῦ 1964 κυβερνᾶται ὑπὸ στρατιωτικῶν, προσπαθεῖ νὰ ἐπιλύσῃ τὰ χρονίζοντα οἰκονομικὰ προβλήματα διὰ νέου προγράμματος.

Η ΜΕΓΑΛΥΤΕΡΑ ΣΥΛΛΟΓΗ ΕΝΤΥΠΩΝ
Ἡ βιβλιοθήκη τοῦ κογκρέσσου διαφυλάσσει θησαυροὺς τῆς παγκοσμίου διανοήσεως
ΔΙΑΘΕΤΕΙ ΕΚΑΤΟΜΜΥΡΙΑ ΤΟΜΟΥΣ.— ΠΡΑΓΜΑΤΙΚΟΝ ΑΔΙΑΧΩΡΗΤΟΝ.— Η ΕΠΙΔΙΟΡΘΩΣΙΣ ΤΩΝ ΠΑΛΑΙΩΝ ΚΕΙΜΕΝΩΝ

ΟΥΑΣΙΓΚΤΩΝ, 13.— Ἡ βιβλιοθήκη τοῦ κογκρέσσου εἶναι ἡ μεγαλυτέρα συλλογὴ ἐντύπων τοῦ κόσμου καὶ περιέχει ἑκατομμύρια τόμους.

ΟΥΑΣΙΓΚΤΩΝ, 13.— Ἡ βιβλιοθήκη τοῦ κογκρέσσου εἶναι ἡ μεγαλυτέρα συλλογὴ ἐντύπων τοῦ κόσμου καὶ περιέχει ἑκατομμύρια τόμους.

ΟΥΑΣΙΓΚΤΩΝ, 13.— Ἡ βιβλιοθήκη τοῦ κογκρέσσου εἶναι ἡ μεγαλυτέρα συλλογὴ ἐντύπων τοῦ κόσμου καὶ περιέχει ἑκατομμύρια τόμους.

ΟΥΑΣΙΓΚΤΩΝ, 13.— Ἡ βιβλιοθήκη τοῦ κογκρέσσου εἶναι ἡ μεγαλυτέρα συλλογὴ ἐντύπων τοῦ κόσμου καὶ περιέχει ἑκατομμύρια τόμους.

ΟΥΑΣΙΓΚΤΩΝ, 13.— Ἡ βιβλιοθήκη τοῦ κογκρέσσου εἶναι ἡ μεγαλυτέρα συλλογὴ ἐντύπων τοῦ κόσμου καὶ περιέχει ἑκατομμύρια τόμους.

ΟΥΑΣΙΓΚΤΩΝ, 13.— Ἡ βιβλιοθήκη τοῦ κογκρέσσου εἶναι ἡ μεγαλυτέρα συλλογὴ ἐντύπων τοῦ κόσμου καὶ περιέχει ἑκατομμύρια τόμους.

ΟΥΑΣΙΓΚΤΩΝ, 13.— Ἡ βιβλιοθήκη τοῦ κογκρέσσου εἶναι ἡ μεγαλυτέρα συλλογὴ ἐντύπων τοῦ κόσμου καὶ περιέχει ἑκατομμύρια τόμους.

ΟΥΑΣΙΓΚΤΩΝ, 13.— Ἡ βιβλιοθήκη τοῦ κογκρέσσου εἶναι ἡ μεγαλυτέρα συλλογὴ ἐντύπων τοῦ κόσμου καὶ περιέχει ἑκατομμύρια τόμους.

ΟΥΑΣΙΓΚΤΩΝ, 13.— Ἡ βιβλιοθήκη τοῦ κογκρέσσου εἶναι ἡ μεγαλυτέρα συλλογὴ ἐντύπων τοῦ κόσμου καὶ περιέχει ἑκατομμύρια τόμους.

ΟΥΑΣΙΓΚΤΩΝ, 13.— Ἡ βιβλιοθήκη τοῦ κογκρέσσου εἶναι ἡ μεγαλυτέρα συλλογὴ ἐντύπων τοῦ κόσμου καὶ περιέχει ἑκατομμύρια τόμους.

ΟΥΑΣΙΓΚΤΩΝ, 13.— Ἡ βιβλιοθήκη τοῦ κογκρέσσου εἶναι ἡ μεγαλυτέρα συλλογὴ ἐντύπων τοῦ κόσμου καὶ περιέχει ἑκατομμύρια τόμους.

ΟΥΑΣΙΓΚΤΩΝ, 13.— Ἡ βιβλιοθήκη τοῦ κογκρέσσου εἶναι ἡ μεγαλυτέρα συλλογὴ ἐντύπων τοῦ κόσμου καὶ περιέχει ἑκατομμύρια τόμους.

ΟΥΑΣΙΓΚΤΩΝ, 13.— Ἡ βιβλιοθήκη τοῦ κογκρέσσου εἶναι ἡ μεγαλυτέρα συλλογὴ ἐντύπων τοῦ κόσμου καὶ περιέχει ἑκατομμύρια τόμους.

ΟΥΑΣΙΓΚΤΩΝ, 13.— Ἡ βιβλιοθήκη τοῦ κογκρέσσου εἶναι ἡ μεγαλυτέρα συλλογὴ ἐντύπων τοῦ κόσμου καὶ περιέχει ἑκατομμύρια τόμους.

ΟΓΚΟΙ ΒΙΒΛΙΩΝ

ΟΥΑΣΙΓΚΤΩΝ, 13.— Ἡ βιβλιοθήκη τοῦ κογκρέσσου εἶναι ἡ μεγαλυτέρα συλλογὴ ἐντύπων τοῦ κόσμου καὶ περιέχει ἑκατομμύρια τόμους.

ΟΥΑΣΙΓΚΤΩΝ, 13.— Ἡ βιβλιοθήκη τοῦ κογκρέσσου εἶναι ἡ μεγαλυτέρα συλλογὴ ἐντύπων τοῦ κόσμου καὶ περιέχει ἑκατομμύρια τόμους.

Η ΕΠΙΛΟΓΗ ΒΙΒΛΙΩΝ

ΟΥΑΣΙΓΚΤΩΝ, 13.— Ἡ βιβλιοθήκη τοῦ κογκρέσσου εἶναι ἡ μεγαλυτέρα συλλογὴ ἐντύπων τοῦ κόσμου καὶ περιέχει ἑκατομμύρια τόμους.

ΟΥΑΣΙΓΚΤΩΝ, 13.— Ἡ βιβλιοθήκη τοῦ κογκρέσσου εἶναι ἡ μεγαλυτέρα συλλογὴ ἐντύπων τοῦ κόσμου καὶ περιέχει ἑκατομμύρια τόμους.

ΤΑ ΤΡΩΚΤΙΚΑ ΚΑΤΑΣΤΡΕΦΟΥΝ ΤΑΣ ΚΑΛΛΙΕΡΓΕΙΑΣ ΕΙΣ ΤΗΝ ΙΝΔΙΑΝ
ΜΕΓΑΛΑΙ ΖΗΜΙΑΙ ΕΙΣ ΤΑ ΣΙΤΗΡΑ

ΝΕΟΝ ΔΕΛΧΙ, 13.— Οἱ τρωκτικοὶ προκαλοῦν μεγάλας ζημίας εἰς τὰς καλλιεργείας τῆς Ἰνδίας.

ΝΕΟΝ ΔΕΛΧΙ, 13.— Οἱ τρωκτικοὶ προκαλοῦν μεγάλας ζημίας εἰς τὰς καλλιεργείας τῆς Ἰνδίας.

ΝΕΟΝ ΔΕΛΧΙ, 13.— Οἱ τρωκτικοὶ προκαλοῦν μεγάλας ζημίας εἰς τὰς καλλιεργείας τῆς Ἰνδίας.

ΝΕΟΝ ΔΕΛΧΙ, 13.— Οἱ τρωκτικοὶ προκαλοῦν μεγάλας ζημίας εἰς τὰς καλλιεργείας τῆς Ἰνδίας.

ΝΕΟΝ ΔΕΛΧΙ, 13.— Οἱ τρωκτικοὶ προκαλοῦν μεγάλας ζημίας εἰς τὰς καλλιεργείας τῆς Ἰνδίας.

ΝΕΟΝ ΔΕΛΧΙ, 13.— Οἱ τρωκτικοὶ προκαλοῦν μεγάλας ζημίας εἰς τὰς καλλιεργείας τῆς Ἰνδίας.

ΕΙΣ ΒΗΡΥΤΟΝ
ΕΝΝΕΑ ΤΡΑΥΜΑΤΙΑΙ ΚΑΤΑ ΔΙΑΔΗΛΩΣΙΝ ΛΙΒΑΝΕΖΩΝ ΦΟΙΤΗΤΩΝ
ΣΥΝΕΚΡΟΥΣΘΗΣΑΝ ΜΕ ΑΣΤΥΝΟΜΙΚΟΥΣ

ΒΗΡΥΤΟΣ, 13.— Ἐννέα πρόσωπα ἐτραυματίσθησαν κατὰ τὴν διάρκειαν διαδηλώσεως φοιτητῶν.

ΒΗΡΥΤΟΣ, 13.— Ἐννέα πρόσωπα ἐτραυματίσθησαν κατὰ τὴν διάρκειαν διαδηλώσεως φοιτητῶν.

ΒΗΡΥΤΟΣ, 13.— Ἐννέα πρόσωπα ἐτραυματίσθησαν κατὰ τὴν διάρκειαν διαδηλώσεως φοιτητῶν.

ΒΗΡΥΤΟΣ, 13.— Ἐννέα πρόσωπα ἐτραυματίσθησαν κατὰ τὴν διάρκειαν διαδηλώσεως φοιτητῶν.

ΖΗΤΕΙΤΑΙ ΚΑΤΑΡΓΗΣΙΣ ΤΩΝ ΦΡΑΓΜΩΝ ΕΙΣ ΤΟ ΔΙΕΘΝΕΣ ΕΜΠΟΡΙΟΝ
Η ΤΑΧΕΙΑ ΑΝΑΠΤΥΞΙΣ ΤΩΝ ΚΑΘΥΣΤΕΡΗΜΕΝΩΝ

ΝΕΑ ΥΟΡΚΗ, 13.— Ζητεῖται ἡ κατάργησις τῶν φραγμῶν εἰς τὸ διεθνὲς ἐμπόριον.

ΝΕΑ ΥΟΡΚΗ, 13.— Ζητεῖται ἡ κατάργησις τῶν φραγμῶν εἰς τὸ διεθνὲς ἐμπόριον.

ΝΕΑ ΥΟΡΚΗ, 13.— Ζητεῖται ἡ κατάργησις τῶν φραγμῶν εἰς τὸ διεθνὲς ἐμπόριον.

ΝΕΑ ΥΟΡΚΗ, 13.— Ζητεῖται ἡ κατάργησις τῶν φραγμῶν εἰς τὸ διεθνὲς ἐμπόριον.

ΝΕΑ ΥΟΡΚΗ, 13.— Ζητεῖται ἡ κατάργησις τῶν φραγμῶν εἰς τὸ διεθνὲς ἐμπόριον.

ΜΗΧΑΝΟΡΡΑΦΑΙ ΗΛΕΥΘΑΝ ΠΑΡΑΝΟΜΩΣ

ΑΘΗΝΑΙ, 13.— Μηχανορράφαι ἠλευθερώθησαν παρανόμως.

ΑΘΗΝΑΙ, 13.— Μηχανορράφαι ἠλευθερώθησαν παρανόμως.

ΑΘΗΝΑΙ, 13.— Μηχανορράφαι ἠλευθερώθησαν παρανόμως.

ΕΤΡΑΥΜΑΤΙΣΘΗ ΚΑΤΑ ΤΗΝ ΚΑΤΑΡΡΕΥΣΙΝ ΤΗΣ ΟΙΚΙΑΣ ΤΗΣ

ΑΘΗΝΑΙ, 13.— Ἐτραυματίσθη γυνὴ κατὰ τὴν κατάρρευσιν τῆς οἰκίας της.

ΑΘΗΝΑΙ, 13.— Ἐτραυματίσθη γυνὴ κατὰ τὴν κατάρρευσιν τῆς οἰκίας της.

ΑΘΗΝΑΙ, 13.— Ἐτραυματίσθη γυνὴ κατὰ τὴν κατάρρευσιν τῆς οἰκίας της.

ΑΓΝΩΣΤΟΙ ΑΦΗΡΕΣΑΝ ΧΡΗΜΑΤΙΚΑ ΠΟΣΑ ΚΑΙ ΚΟΣΜΗΜΑΤΑ

ΑΘΗΝΑΙ, 13.— Ἄγνωστοι ἀφήρεσαν χρηματικὰ ποσὰ καὶ κοσμήματα.

ΑΘΗΝΑΙ, 13.— Ἄγνωστοι ἀφήρεσαν χρηματικὰ ποσὰ καὶ κοσμήματα.

ΑΘΗΝΑΙ, 13.— Ἄγνωστοι ἀφήρεσαν χρηματικὰ ποσὰ καὶ κοσμήματα.

ΑΙΦΝΙΔΙΟΣ ΘΑΝΑΤΟΣ ΕΙΣ ΤΗΝ ΚΑΒΑΛΑΝ

ΚΑΒΑΛΑ, 13.— Αἰφνιδίως ἀπεβίωσε.

ΚΑΒΑΛΑ, 13.— Αἰφνιδίως ἀπεβίωσε.

ΕΞΗΦΑΝΙΣΘΗΣΑΝ ΕΚ ΤΩΝ ΟΙΚΙΩΝ ΤΩΝ

ΑΘΗΝΑΙ, 13.— Ἐξηφανίσθησαν ἐκ τῶν οἰκιῶν των.

ΑΘΗΝΑΙ, 13.— Ἐξηφανίσθησαν ἐκ τῶν οἰκιῶν των.

ΑΘΗΝΑΙ, 13.— Ἐξηφανίσθησαν ἐκ τῶν οἰκιῶν των.

ΕΙΣ ΤΑΣ ΒΙΟΜΗΧΑΝΙΚΑΣ ΠΕΡΙΟΧΑΣ
Οἱ ἀπορροφητῆρες σύννης διατηροῦν συνεχῶς διαυγῆ τὴν ἀτμόσφαιραν
ΖΩΝΑΙ ΠΡΑΣΙΝΟΥ ΕΠΙΤΥΓΧΑΝΟΥΝ
ΚΑΘΑΡΙΣΜΟΝ ΤΗΣ ΑΤΜΟΣΦΑΙΡΑΣ
Εἰς πολλὰς γερμανικὰς βιομηχανίας κατασκευάζονται ἀπορροφητῆρες καπνῶν, ὥστε νὰ ἀποφεύγεται ἡ μόλυνσις τῆς ἀτμοσφαίρας.

ΝΥΡΕΜΒΕΡΓΗ, 13.— Εἰς τὴν Δυτικὴν Γερμανίαν ἡ καταπολέμησις τῆς μολύνσεως τῆς ἀτμοσφαίρας ἀποτελεῖ ἀντικείμενον συστηματικῆς προσπαθείας.

ΝΥΡΕΜΒΕΡΓΗ, 13.— Εἰς τὴν Δυτικὴν Γερμανίαν ἡ καταπολέμησις τῆς μολύνσεως τῆς ἀτμοσφαίρας ἀποτελεῖ ἀντικείμενον συστηματικῆς προσπαθείας.

ΝΥΡΕΜΒΕΡΓΗ, 13.— Εἰς τὴν Δυτικὴν Γερμανίαν ἡ καταπολέμησις τῆς μολύνσεως τῆς ἀτμοσφαίρας ἀποτελεῖ ἀντικείμενον συστηματικῆς προσπαθείας.

ΝΥΡΕΜΒΕΡΓΗ, 13.— Εἰς τὴν Δυτικὴν Γερμανίαν ἡ καταπολέμησις τῆς μολύνσεως τῆς ἀτμοσφαίρας ἀποτελεῖ ἀντικείμενον συστηματικῆς προσπαθείας.

ΝΥΡΕΜΒΕΡΓΗ, 13.— Εἰς τὴν Δυτικὴν Γερμανίαν ἡ καταπολέμησις τῆς μολύνσεως τῆς ἀτμοσφαίρας ἀποτελεῖ ἀντικείμενον συστηματικῆς προσπαθείας.

ΝΥΡΕΜΒΕΡΓΗ, 13.— Εἰς τὴν Δυτικὴν Γερμανίαν ἡ καταπολέμησις τῆς μολύνσεως τῆς ἀτμοσφαίρας ἀποτελεῖ ἀντικείμενον συστηματικῆς προσπαθείας.

ΝΥΡΕΜΒΕΡΓΗ, 13.— Εἰς τὴν Δυτικὴν Γερμανίαν ἡ καταπολέμησις τῆς μολύνσεως τῆς ἀτμοσφαίρας ἀποτελεῖ ἀντικείμενον συστηματικῆς προσπαθείας.

ΝΥΡΕΜΒΕΡΓΗ, 13.— Εἰς τὴν Δυτικὴν Γερμανίαν ἡ καταπολέμησις τῆς μολύνσεως τῆς ἀτμοσφαίρας ἀποτελεῖ ἀντικείμενον συστηματικῆς προσπαθείας.

ΝΥΡΕΜΒΕΡΓΗ, 13.— Εἰς τὴν Δυτικὴν Γερμανίαν ἡ καταπολέμησις τῆς μολύνσεως τῆς ἀτμοσφαίρας ἀποτελεῖ ἀντικείμενον συστηματικῆς προσπαθείας.

ΝΥΡΕΜΒΕΡΓΗ, 13.— Εἰς τὴν Δυτικὴν Γερμανίαν ἡ καταπολέμησις τῆς μολύνσεως τῆς ἀτμοσφαίρας ἀποτελεῖ ἀντικείμενον συστηματικῆς προσπαθείας.

Ὡς ἐδήλωσεν εἰς δημοσιογράφους
Τὸ γυμνὸ δὲν τρομάζει τὴν Οὐρσουλα Ἄντρες
Τὸ ἰσχυρὸν καὶ τὸ ἀδύνατον φῦλον. — Τί θὰ ἐπιθυμεῖ περισσότερον.— Ἡ ζωὴ εἰς τὴν Σενεγάλην.—

ΛΟΝΔΙΝΟΝ, 13.— Ἡ Οὐρσουλα Ἄντρες ἐδήλωσεν εἰς δημοσιογράφους ὅτι τὸ γυμνὸ δὲν τὴν τρομάζει.

ΛΟΝΔΙΝΟΝ, 13.— Ἡ Οὐρσουλα Ἄντρες ἐδήλωσεν εἰς δημοσιογράφους ὅτι τὸ γυμνὸ δὲν τὴν τρομάζει.

ΛΟΝΔΙΝΟΝ, 13.— Ἡ Οὐρσουλα Ἄντρες ἐδήλωσεν εἰς δημοσιογράφους ὅτι τὸ γυμνὸ δὲν τὴν τρομάζει.

ΛΟΝΔΙΝΟΝ, 13.— Ἡ Οὐρσουλα Ἄντρες ἐδήλωσεν εἰς δημοσιογράφους ὅτι τὸ γυμνὸ δὲν τὴν τρομάζει.

ΛΟΝΔΙΝΟΝ, 13.— Ἡ Οὐρσουλα Ἄντρες ἐδήλωσεν εἰς δημοσιογράφους ὅτι τὸ γυμνὸ δὲν τὴν τρομάζει.

ΛΟΝΔΙΝΟΝ, 13.— Ἡ Οὐρσουλα Ἄντρες ἐδήλωσεν εἰς δημοσιογράφους ὅτι τὸ γυμνὸ δὲν τὴν τρομάζει.

ΛΟΝΔΙΝΟΝ, 13.— Ἡ Οὐρσουλα Ἄντρες ἐδήλωσεν εἰς δημοσιογράφους ὅτι τὸ γυμνὸ δὲν τὴν τρομάζει.

ΛΟΝΔΙΝΟΝ, 13.— Ἡ Οὐρσουλα Ἄντρες ἐδήλωσεν εἰς δημοσιογράφους ὅτι τὸ γυμνὸ δὲν τὴν τρομάζει.

ΛΟΝΔΙΝΟΝ, 13.— Ἡ Οὐρσουλα Ἄντρες ἐδήλωσεν εἰς δημοσιογράφους ὅτι τὸ γυμνὸ δὲν τὴν τρομάζει.

ΛΟΝΔΙΝΟΝ, 13.— Ἡ Οὐρσουλα Ἄντρες ἐδήλωσεν εἰς δημοσιογράφους ὅτι τὸ γυμνὸ δὲν τὴν τρομάζει.

ΛΟΝΔΙΝΟΝ, 13.— Ἡ Οὐρσουλα Ἄντρες ἐδήλωσεν εἰς δημοσιογράφους ὅτι τὸ γυμνὸ δὲν τὴν τρομάζει.

ΛΟΝΔΙΝΟΝ, 13.— Ἡ Οὐρσουλα Ἄντρες ἐδήλωσεν εἰς δημοσιογράφους ὅτι τὸ γυμνὸ δὲν τὴν τρομάζει.

ΛΟΝΔΙΝΟΝ, 13.— Ἡ Οὐρσουλα Ἄντρες ἐδήλωσεν εἰς δημοσιογράφους ὅτι τὸ γυμνὸ δὲν τὴν τρομάζει.

ΛΟΝΔΙΝΟΝ, 13.— Ἡ Οὐρσουλα Ἄντρες ἐδήλωσεν εἰς δημοσιογράφους ὅτι τὸ γυμνὸ δὲν τὴν τρομάζει.

ΟΙ ΕΡΓΑΤΑΙ ΤΗΣ ΓΕΡΜΑΝΙΚΗΣ ΒΙΟΜΗΧΑΝΙΑΣ ΣΥΜΜΕΤΕΧΟΥΝ ΕΙΣ ΤΟ ΚΕΦΑΛΑΙΟΝ ΑΥΤΗΣ ΧΑΡΙΣ ΕΙΣ ΠΡΟΣΦΟΡΑΝ 1.000.000 ΜΑΡΚΩΝ

ΝΥΡΕΜΒΕΡΓΗ, 13.— Οἱ ἐργάται συμμετέχουν εἰς τὸ κεφάλαιον τῆς βιομηχανίας χάρις εἰς προσφορὰν 1.000.000 μάρκων.

ΝΥΡΕΜΒΕΡΓΗ, 13.— Οἱ ἐργάται συμμετέχουν εἰς τὸ κεφάλαιον τῆς βιομηχανίας χάρις εἰς προσφορὰν 1.000.000 μάρκων.

ΝΥΡΕΜΒΕΡΓΗ, 13.— Οἱ ἐργάται συμμετέχουν εἰς τὸ κεφάλαιον τῆς βιομηχανίας χάρις εἰς προσφορὰν 1.000.000 μάρκων.

ΝΥΡΕΜΒΕΡΓΗ, 13.— Οἱ ἐργάται συμμετέχουν εἰς τὸ κεφάλαιον τῆς βιομηχανίας χάρις εἰς προσφορὰν 1.000.000 μάρκων.

ΝΥΡΕΜΒΕΡΓΗ, 13.— Οἱ ἐργάται συμμετέχουν εἰς τὸ κεφάλαιον τῆς βιομηχανίας χάρις εἰς προσφορὰν 1.000.000 μάρκων.

ΝΥΡΕΜΒΕΡΓΗ, 13.— Οἱ ἐργάται συμμετέχουν εἰς τὸ κεφάλαιον τῆς βιομηχανίας χάρις εἰς προσφορὰν 1.000.000 μάρκων.

ΝΥΡΕΜΒΕΡΓΗ, 13.— Οἱ ἐργάται συμμετέχουν εἰς τὸ κεφάλαιον τῆς βιομηχανίας χάρις εἰς προσφορὰν 1.000.000 μάρκων.

ΝΥΡΕΜΒΕΡΓΗ, 13.— Οἱ ἐργάται συμμετέχουν εἰς τὸ κεφάλαιον τῆς βιομηχανίας χάρις εἰς προσφορὰν 1.000.000 μάρκων.

ΝΥΡΕΜΒΕΡΓΗ, 13.— Οἱ ἐργάται συμμετέχουν εἰς τὸ κεφάλαιον τῆς βιομηχανίας χάρις εἰς προσφορὰν 1.000.000 μάρκων.

ΝΥΡΕΜΒΕΡΓΗ, 13.— Οἱ ἐργάται συμμετέχουν εἰς τὸ κεφάλαιον τῆς βιομηχανίας χάρις εἰς προσφορὰν 1.000.000 μάρκων.

ΝΥΡΕΜΒΕΡΓΗ, 13.— Οἱ ἐργάται συμμετέχουν εἰς τὸ κεφάλαιον τῆς βιομηχανίας χάρις εἰς προσφορὰν 1.000.000 μάρκων.

ΝΥΡΕΜΒΕΡΓΗ, 13.— Οἱ ἐργάται συμμετέχουν εἰς τὸ κεφάλαιον τῆς βιομηχανίας χάρις εἰς προσφορὰν 1.000.000 μάρκων.

ΝΥΡΕΜΒΕΡΓΗ, 13.— Οἱ ἐργάται συμμετέχουν εἰς τὸ κεφάλαιον τῆς βιομηχανίας χάρις εἰς προσφορὰν 1.000.000 μάρκων.

ΝΥΡΕΜΒΕΡΓΗ, 13.— Οἱ ἐργάται συμμετέχουν εἰς τὸ κεφάλαιον τῆς βιομηχανίας χάρις εἰς προσφορὰν 1.000.000 μάρκων.
